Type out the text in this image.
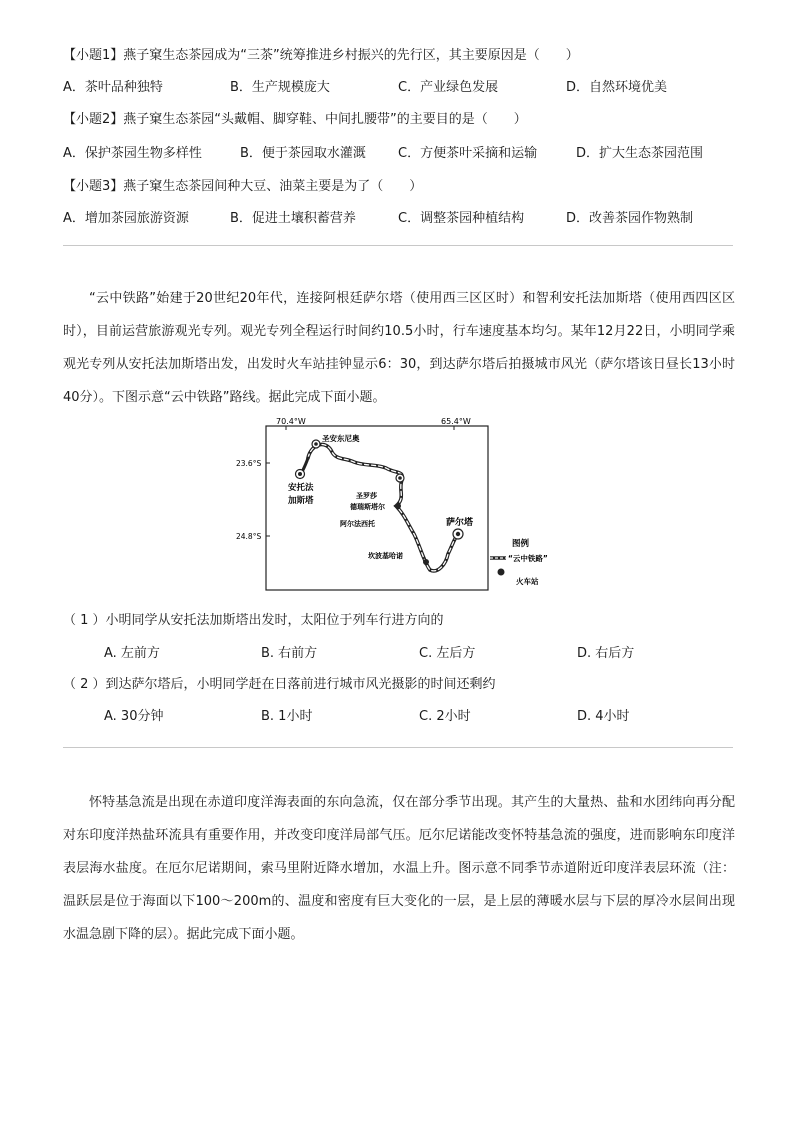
【小题1】燕子窠生态茶园成为“三茶”统筹推进乡村振兴的先行区，其主要原因是（　　）
A．茶叶品种独特	B．生产规模庞大	C．产业绿色发展	D．自然环境优美
【小题2】燕子窠生态茶园“头戴帽、脚穿鞋、中间扎腰带”的主要目的是（　　）
A．保护茶园生物多样性	B．便于茶园取水灌溉 C．方便茶叶采摘和运输	D．扩大生态茶园范围
【小题3】燕子窠生态茶园间种大豆、油菜主要是为了（　　）
A．增加茶园旅游资源	B．促进土壤积蓄营养	C．调整茶园种植结构	D．改善茶园作物熟制
“云中铁路”始建于20世纪20年代，连接阿根廷萨尔塔（使用西三区区时）和智利安托法加斯塔（使用西四区区时），目前运营旅游观光专列。观光专列全程运行时间约10.5小时，行车速度基本均匀。某年12月22日，小明同学乘观光专列从安托法加斯塔出发，出发时火车站挂钟显示6：30，到达萨尔塔后拍摄城市风光（萨尔塔该日昼长13小时40分）。下图示意“云中铁路”路线。据此完成下面小题。
70.4°W	65.4°W
23.6°S
24.8°S
圣安东尼奥
安托法
加斯塔	圣罗莎
德瑞斯塔尔
阿尔法西托	萨尔塔
坎波基哈诺
图例
“云中铁路”
火车站
（ 1 ）小明同学从安托法加斯塔出发时，太阳位于列车行进方向的
A. 左前方	B. 右前方	C. 左后方	D. 右后方
（ 2 ）到达萨尔塔后，小明同学赶在日落前进行城市风光摄影的时间还剩约
A. 30分钟	B. 1小时	C. 2小时	D. 4小时
怀特基急流是出现在赤道印度洋海表面的东向急流，仅在部分季节出现。其产生的大量热、盐和水团纬向再分配对东印度洋热盐环流具有重要作用，并改变印度洋局部气压。厄尔尼诺能改变怀特基急流的强度，进而影响东印度洋表层海水盐度。在厄尔尼诺期间，索马里附近降水增加，水温上升。图示意不同季节赤道附近印度洋表层环流（注：温跃层是位于海面以下100～200m的、温度和密度有巨大变化的一层，是上层的薄暖水层与下层的厚冷水层间出现水温急剧下降的层）。据此完成下面小题。
